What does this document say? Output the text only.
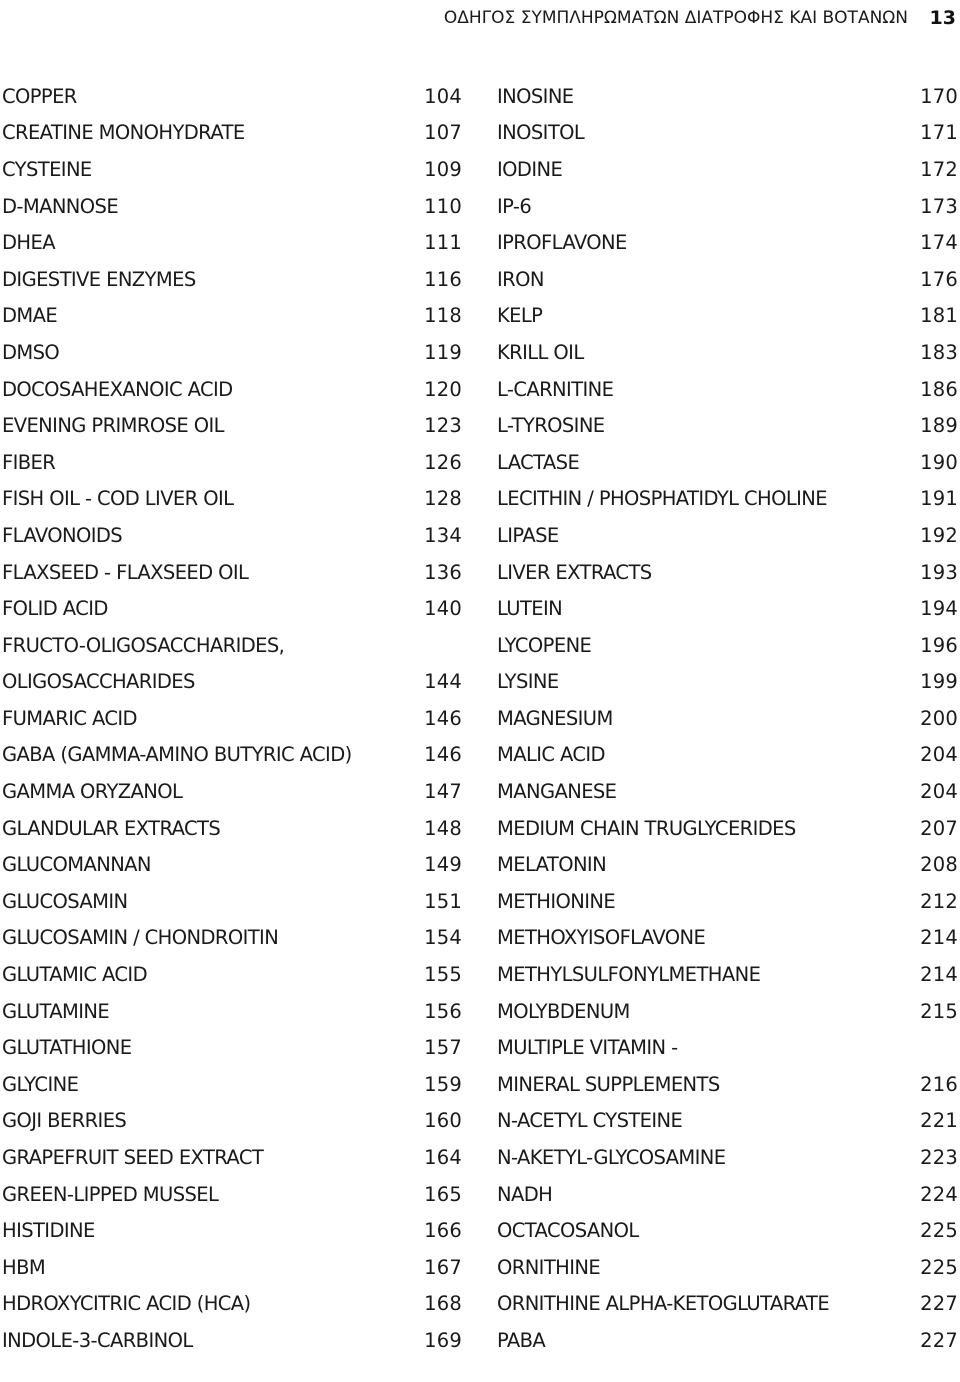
ΟΔΗΓΟΣ ΣΥΜΠΛΗΡΩΜΑΤΩΝ ΔΙΑΤΡΟΦΗΣ ΚΑΙ ΒΟΤΑΝΩΝ 13
COPPER	104
CREATINE MONOHYDRATE	107
CYSTEINE	109
D-MANNOSE	110
DHEA	111
DIGESTIVE ENZYMES	116
DMAE	118
DMSO	119
DOCOSAHEXANOIC ACID	120
EVENING PRIMROSE OIL	123
FIBER	126
FISH OIL - COD LIVER OIL	128
FLAVONOIDS	134
FLAXSEED - FLAXSEED OIL	136
FOLID ACID	140
FRUCTO-OLIGOSACCHARIDES,
OLIGOSACCHARIDES	144
FUMARIC ACID	146
GABA (GAMMA-AMINO BUTYRIC ACID)	146
GAMMA ORYZANOL	147
GLANDULAR EXTRACTS	148
GLUCOMANNAN	149
GLUCOSAMIN	151
GLUCOSAMIN / CHONDROITIN	154
GLUTAMIC ACID	155
GLUTAMINE	156
GLUTATHIONE	157
GLYCINE	159
GOJI BERRIES	160
GRAPEFRUIT SEED EXTRACT	164
GREEN-LIPPED MUSSEL	165
HISTIDINE	166
HBM	167
HDROXYCITRIC ACID (HCA)	168
INDOLE-3-CARBINOL	169
INOSINE	170
INOSITOL	171
IODINE	172
IP-6	173
IPROFLAVONE	174
IRON	176
KELP	181
KRILL OIL	183
L-CARNITINE	186
L-TYROSINE	189
LACTASE	190
LECITHIN / PHOSPHATIDYL CHOLINE	191
LIPASE	192
LIVER EXTRACTS	193
LUTEIN	194
LYCOPENE	196
LYSINE	199
MAGNESIUM	200
MALIC ACID	204
MANGANESE	204
MEDIUM CHAIN TRUGLYCERIDES	207
MELATONIN	208
METHIONINE	212
METHOXYISOFLAVONE	214
METHYLSULFONYLMETHANE	214
MOLYBDENUM	215
MULTIPLE VITAMIN -
MINERAL SUPPLEMENTS	216
N-ACETYL CYSTEINE	221
N-AKETYL-GLYCOSAMINE	223
NADH	224
OCTACOSANOL	225
ORNITHINE	225
ORNITHINE ALPHA-KETOGLUTARATE	227
PABA	227
